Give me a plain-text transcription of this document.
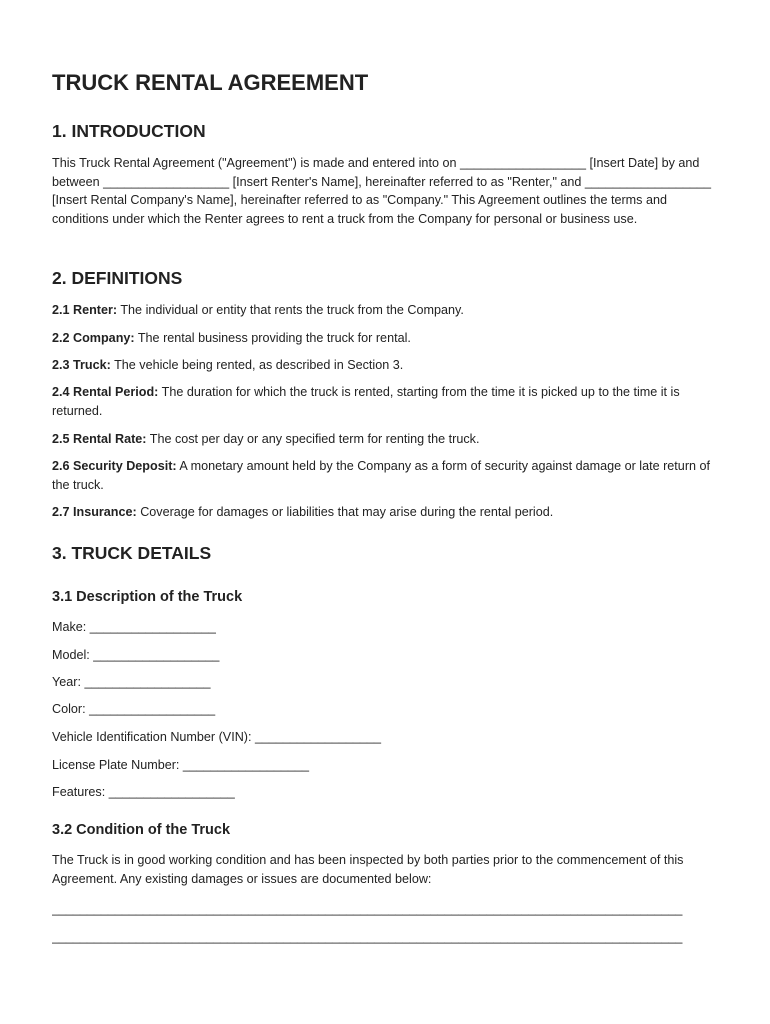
TRUCK RENTAL AGREEMENT
1. INTRODUCTION

This Truck Rental Agreement ("Agreement") is made and entered into on __________________ [Insert Date] by and between __________________ [Insert Renter's Name], hereinafter referred to as "Renter," and __________________ [Insert Rental Company's Name], hereinafter referred to as "Company." This Agreement outlines the terms and conditions under which the Renter agrees to rent a truck from the Company for personal or business use.

2. DEFINITIONS

2.1 Renter: The individual or entity that rents the truck from the Company.

2.2 Company: The rental business providing the truck for rental.

2.3 Truck: The vehicle being rented, as described in Section 3.

2.4 Rental Period: The duration for which the truck is rented, starting from the time it is picked up to the time it is returned.

2.5 Rental Rate: The cost per day or any specified term for renting the truck.

2.6 Security Deposit: A monetary amount held by the Company as a form of security against damage or late return of the truck.

2.7 Insurance: Coverage for damages or liabilities that may arise during the rental period.

3. TRUCK DETAILS
3.1 Description of the Truck

Make: __________________

Model: __________________

Year: __________________

Color: __________________

Vehicle Identification Number (VIN): __________________

License Plate Number: __________________

Features: __________________

3.2 Condition of the Truck

The Truck is in good working condition and has been inspected by both parties prior to the commencement of this Agreement. Any existing damages or issues are documented below:

__________________________________________________________________________________________

__________________________________________________________________________________________
